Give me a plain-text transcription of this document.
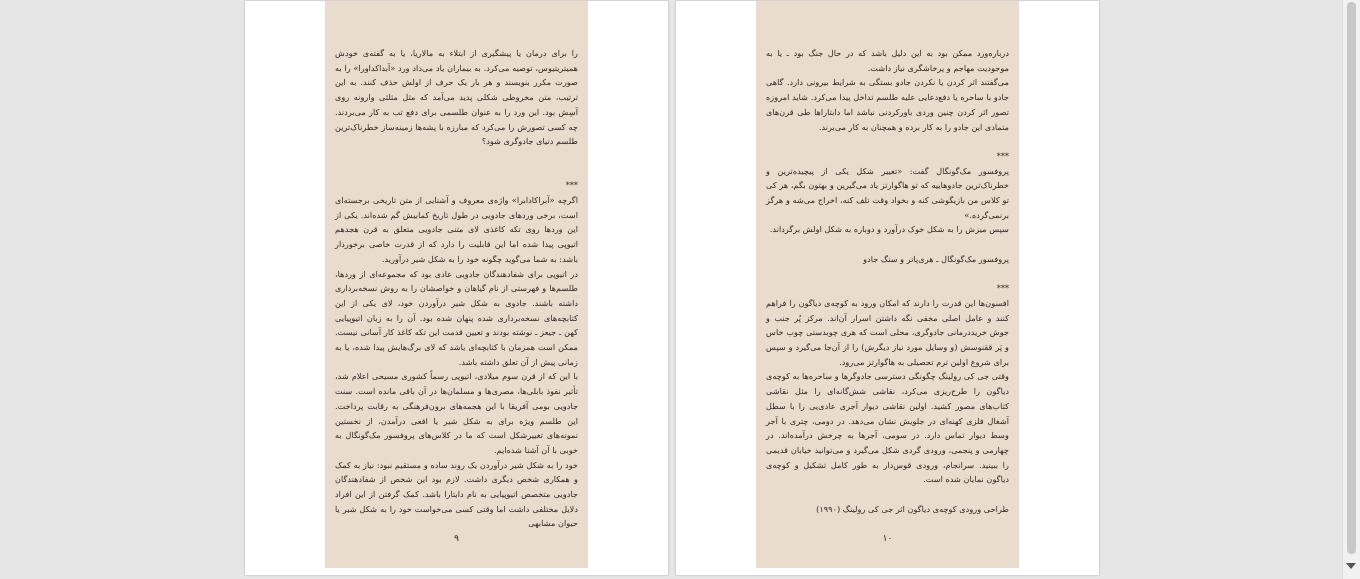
را برای درمان یا پیشگیری از ابتلاء به مالاریا، یا به گفته‌ی خودش همیتریتیوس، توصیه می‌کرد. به بیماران یاد می‌داد ورد «آبداکداورا» را به صورت مکرر بنویسند و هر بار یک حرف از اولش حذف کنند. به این ترتیب، متن مخروطی شکلی پدید می‌آمد که مثل مثلثی وارونه روی آسِش بود. این ورد را به عنوان طلسمی برای دفع تب به کار می‌بردند. چه کسی تصورش را می‌کرد که مبارزه با پشه‌ها زمینه‌ساز خطرناک‌ترین طلسم دنیای جادوگری شود؟

***

اگرچه «آبراکادابرا» واژه‌ی معروف و آشنایی از متن تاریخی برجسته‌ای است، برخی وردهای جادویی در طول تاریخ کمابیش گم شده‌اند. یکی از این وردها روی تکه کاغذی لای متنی جادویی متعلق به قرن هجدهم اتیوپی پیدا شده اما این قابلیت را دارد که از قدرت خاصی برخوردار باشد: به شما می‌گوید چگونه خود را به شکل شیر درآورید.

در اتیوپی برای شفادهندگان جادویی عادی بود که مجموعه‌ای از وردها، طلسم‌ها و فهرستی از نام گیاهان و خواصشان را به روش نسخه‌برداری داشته باشند. جادوی به شکل شیر درآوردن خود، لای یکی از این کتابچه‌های نسخه‌برداری شده پنهان شده بود. آن را به زبان اتیوپیایی کهن ـ جیعز ـ نوشته بودند و تعیین قدمت این تکه کاغذ کار آسانی نیست. ممکن است همزمان با کتابچه‌ای باشد که لای برگ‌هایش پیدا شده، یا به زمانی پیش از آن تعلق داشته باشد.

با این که از قرن سوم میلادی، اتیوپی رسماً کشوری مسیحی اعلام شد، تأثیر نفوذ بابلی‌ها، مصری‌ها و مسلمان‌ها در آن باقی مانده است. سنت جادویی بومی آفریقا با این هجمه‌های برون‌فرهنگی به رقابت پرداخت. این طلسم ویژه برای به شکل شیر یا افعی درآمدن، از نخستین نمونه‌های تغییرشکل است که ما در کلاس‌های پروفسور مک‌گونگال به خوبی با آن آشنا شده‌ایم.

خود را به شکل شیر درآوردن یک روند ساده و مستقیم نبود: نیاز به کمک و همکاری شخص دیگری داشت. لازم بود این شخص از شفادهندگان جادویی متخصص اتیوپیایی به نام دابتارا باشد. کمک گرفتن از این افراد دلایل مختلفی داشت اما وقتی کسی می‌خواست خود را به شکل شیر یا حیوان مشابهی

۹

درباره‌ورد ممکن بود به این دلیل باشد که در حال جنگ بود ـ یا به موجودیت مهاجم و پرخاشگری نیاز داشت.

می‌گفتند اثر کردن یا نکردن جادو بستگی به شرایط بیرونی دارد. گاهی جادو با ساحره یا دفع‌دعایی علیه طلسم تداخل پیدا می‌کرد. شاید امروزه تصور اثر کردن چنین وردی باورکردنی نباشد اما دابتاراها طی قرن‌های متمادی این جادو را به کار برده و همچنان به کار می‌برند.

***

پروفسور مک‌گونگال گفت: «تغییر شکل یکی از پیچیده‌ترین و خطرناک‌ترین جادوهاییه که تو هاگوارتز یاد می‌گیرین و بهتون بگم، هر کی تو کلاس من بازیگوشی کنه و بخواد وقت تلف کنه، اخراج می‌شه و هرگز برنمی‌گرده.»

سپس میزش را به شکل خوک درآورد و دوباره به شکل اولش برگرداند.

پروفسور مک‌گونگال ـ هری‌پاتر و سنگ جادو

***

افسون‌ها این قدرت را دارند که امکان ورود به کوچه‌ی دیاگون را فراهم کنند و عامل اصلی مخفی نگه داشتن اسرار آن‌اند. مرکز پُر جنب و جوش خریددرمانی جادوگری، محلی است که هری چوبدستی چوب خاس و پَر ققنوسش (و وسایل مورد نیاز دیگرش) را از آن‌جا می‌گیرد و سپس برای شروع اولین ترم تحصیلی به هاگوارتز می‌رود.

وقتی جی کی رولینگ چگونگی دسترسی جادوگرها و ساحره‌ها به کوچه‌ی دیاگون را طرح‌ریزی می‌کرد، نقاشی شش‌گانه‌ای را مثل نقاشی کتاب‌های مصور کشید. اولین نقاشی دیوار آجری عادی‌یی را با سطل آشغال فلزی کهنه‌ای در جلویش نشان می‌دهد. در دومی، چتری با آجر وسط دیوار تماس دارد. در سومی، آجرها به چرخش درآمده‌اند. در چهارمی و پنجمی، ورودی گردی شکل می‌گیرد و می‌توانید خیابان قدیمی را ببینید. سرانجام، ورودی قوس‌دار به طور کامل تشکیل و کوچه‌ی دیاگون نمایان شده است.

طراحی ورودی کوچه‌ی دیاگون اثر جی کی رولینگ (۱۹۹۰)

۱۰
